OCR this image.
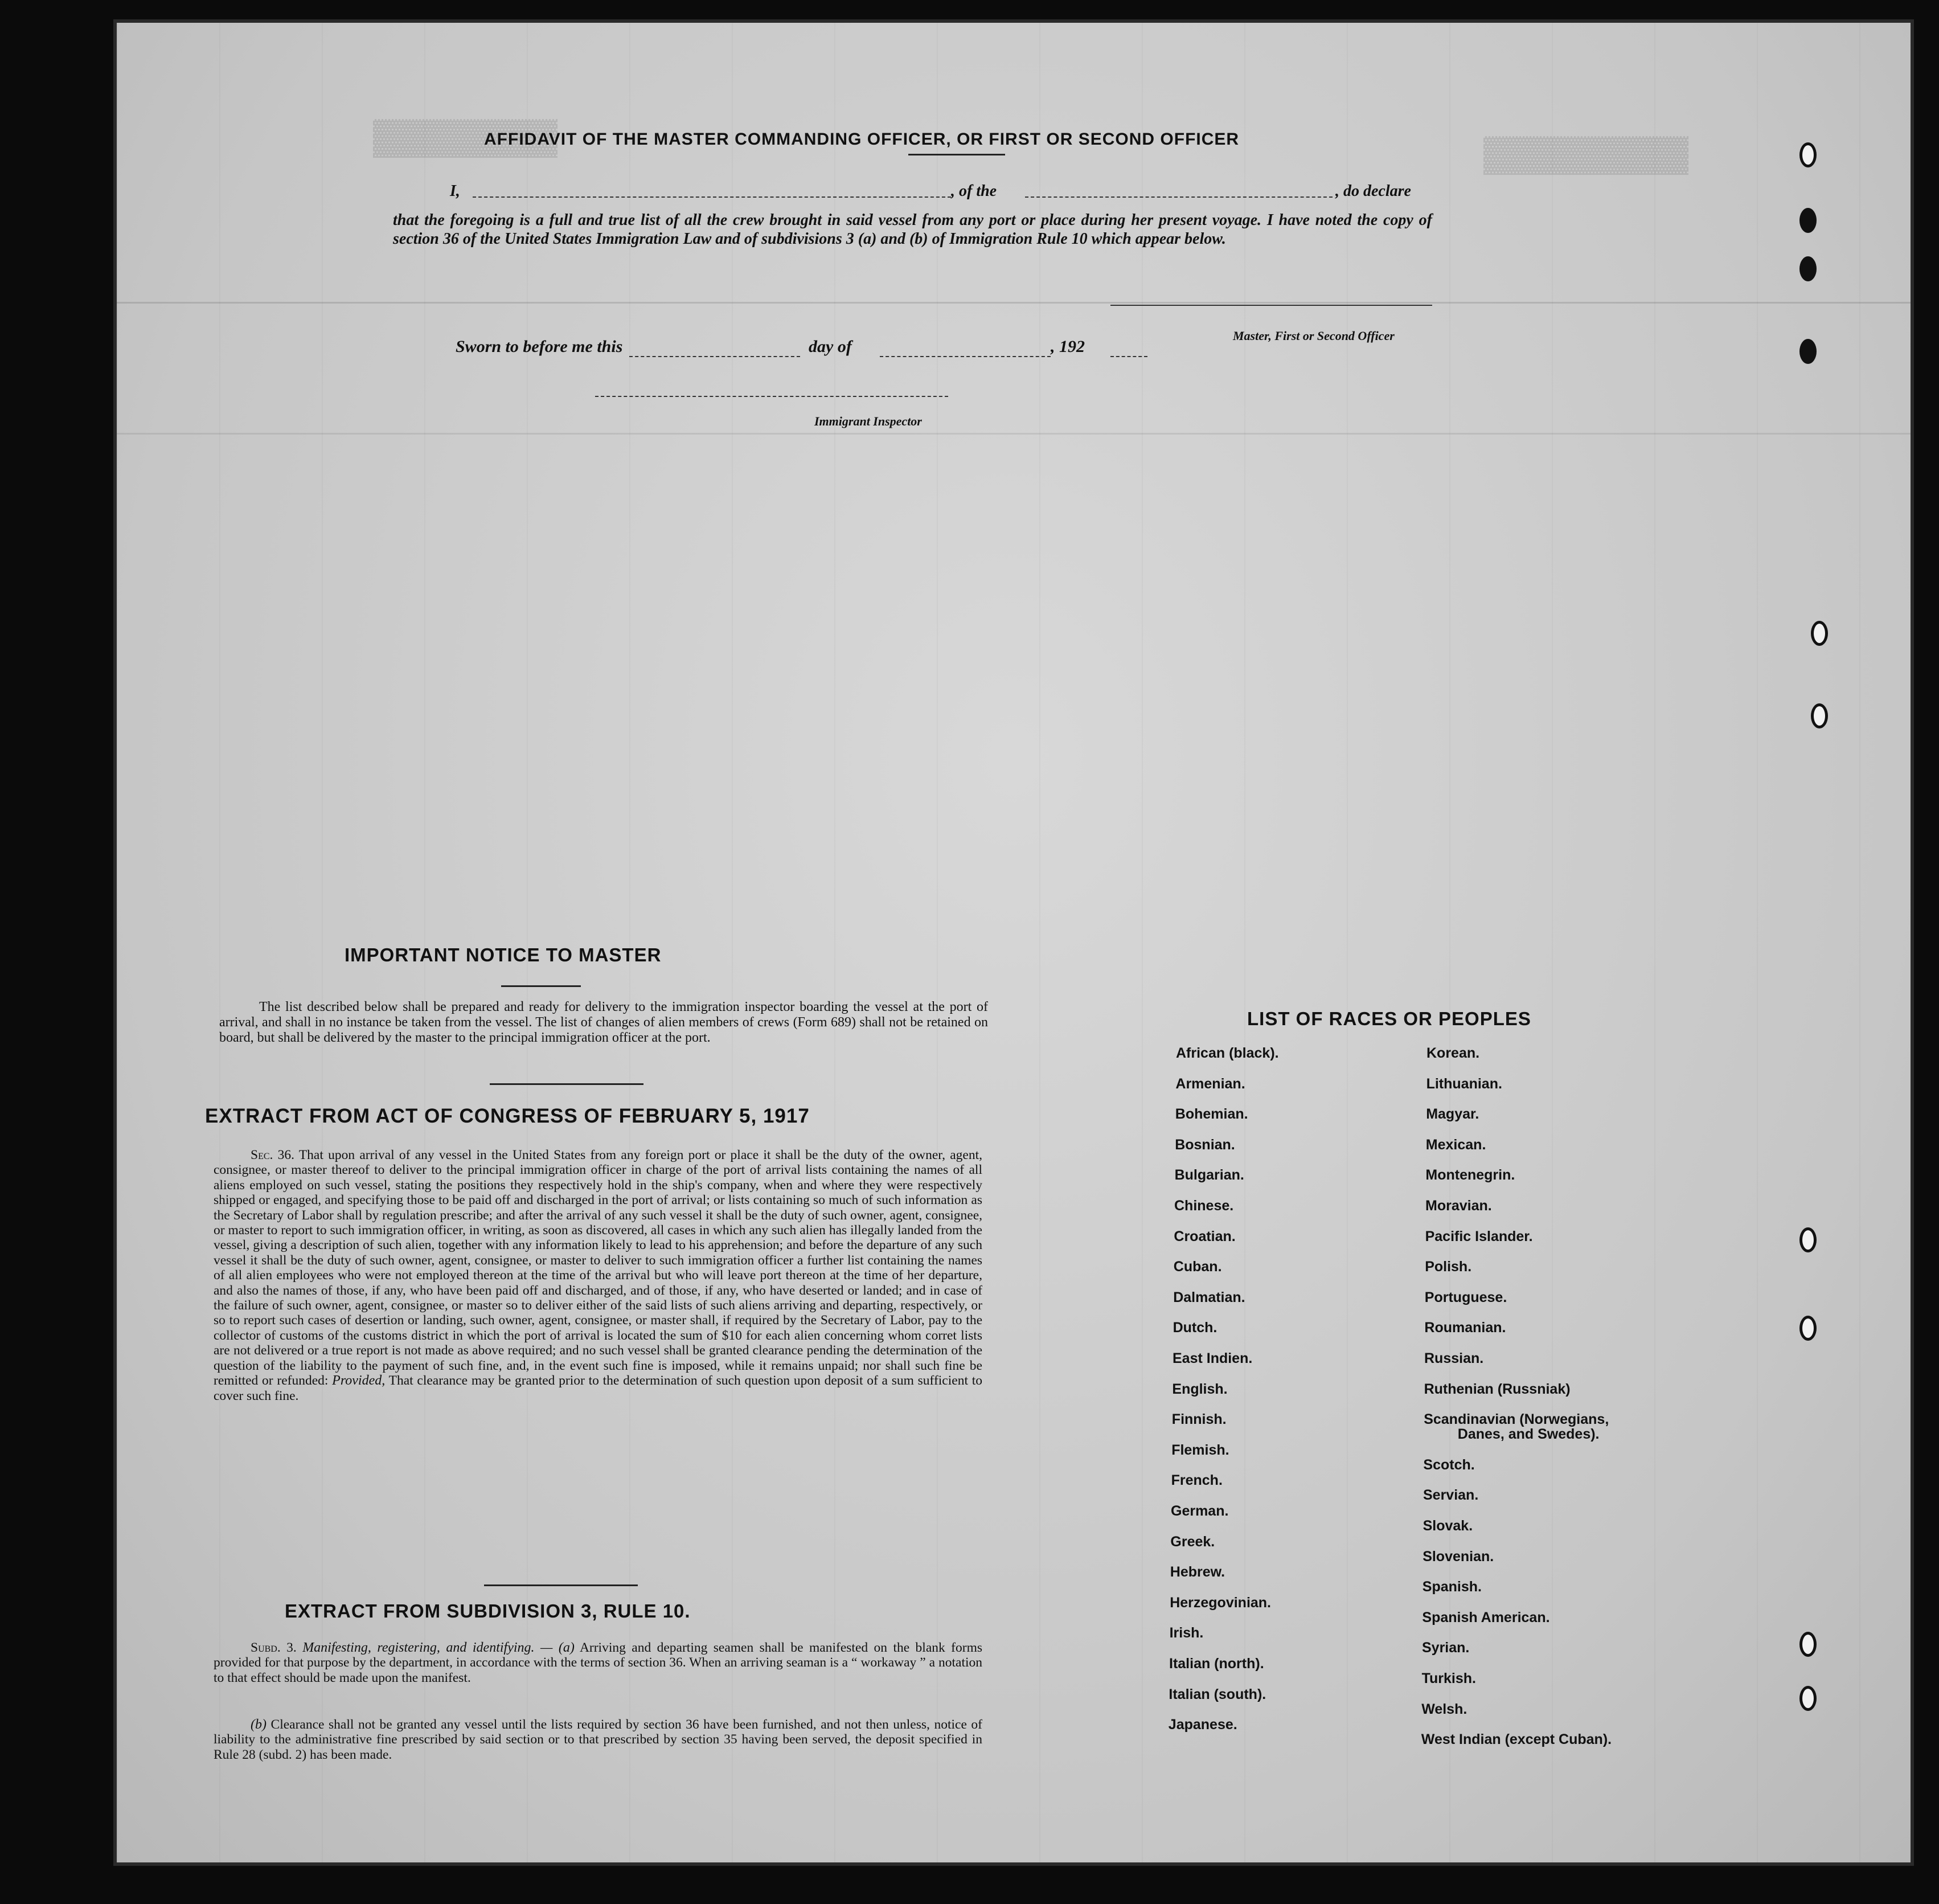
▓▓▓▓▓▓▓▓▓▓
▓▓▓▓▓▓▓▓▓
AFFIDAVIT OF THE MASTER COMMANDING OFFICER, OR FIRST OR SECOND OFFICER
I,	, of the	, do declare
that the foregoing is a full and true list of all the crew brought in said vessel from any port or place during her present voyage. I have noted the copy of section 36 of the United States Immigration Law and of subdivisions 3 (a) and (b) of Immigration Rule 10 which appear below.
Master, First or Second Officer
Sworn to before me this	day of	, 192
Immigrant Inspector
IMPORTANT NOTICE TO MASTER
The list described below shall be prepared and ready for delivery to the immigration inspector boarding the vessel at the port of arrival, and shall in no instance be taken from the vessel. The list of changes of alien members of crews (Form 689) shall not be retained on board, but shall be delivered by the master to the principal immigration officer at the port.
EXTRACT FROM ACT OF CONGRESS OF FEBRUARY 5, 1917
Sec. 36. That upon arrival of any vessel in the United States from any foreign port or place it shall be the duty of the owner, agent, consignee, or master thereof to deliver to the principal immigration officer in charge of the port of arrival lists containing the names of all aliens employed on such vessel, stating the positions they respectively hold in the ship's company, when and where they were respectively shipped or engaged, and specifying those to be paid off and discharged in the port of arrival; or lists containing so much of such information as the Secretary of Labor shall by regulation prescribe; and after the arrival of any such vessel it shall be the duty of such owner, agent, consignee, or master to report to such immigration officer, in writing, as soon as discovered, all cases in which any such alien has illegally landed from the vessel, giving a description of such alien, together with any information likely to lead to his apprehension; and before the departure of any such vessel it shall be the duty of such owner, agent, consignee, or master to deliver to such immigration officer a further list containing the names of all alien employees who were not employed thereon at the time of the arrival but who will leave port thereon at the time of her departure, and also the names of those, if any, who have been paid off and discharged, and of those, if any, who have deserted or landed; and in case of the failure of such owner, agent, consignee, or master so to deliver either of the said lists of such aliens arriving and departing, respectively, or so to report such cases of desertion or landing, such owner, agent, consignee, or master shall, if required by the Secretary of Labor, pay to the collector of customs of the customs district in which the port of arrival is located the sum of $10 for each alien concerning whom corret lists are not delivered or a true report is not made as above required; and no such vessel shall be granted clearance pending the determination of the question of the liability to the payment of such fine, and, in the event such fine is imposed, while it remains unpaid; nor shall such fine be remitted or refunded: Provided, That clearance may be granted prior to the determination of such question upon deposit of a sum sufficient to cover such fine.
EXTRACT FROM SUBDIVISION 3, RULE 10.
Subd. 3. Manifesting, registering, and identifying. — (a) Arriving and departing seamen shall be manifested on the blank forms provided for that purpose by the department, in accordance with the terms of section 36. When an arriving seaman is a “ workaway ” a notation to that effect should be made upon the manifest.
(b) Clearance shall not be granted any vessel until the lists required by section 36 have been furnished, and not then unless, notice of liability to the administrative fine prescribed by said section or to that prescribed by section 35 having been served, the deposit specified in Rule 28 (subd. 2) has been made.
LIST OF RACES OR PEOPLES
African (black).
Armenian.
Bohemian.
Bosnian.
Bulgarian.
Chinese.
Croatian.
Cuban.
Dalmatian.
Dutch.
East Indien.
English.
Finnish.
Flemish.
French.
German.
Greek.
Hebrew.
Herzegovinian.
Irish.
Italian (north).
Italian (south).
Japanese.
Korean.
Lithuanian.
Magyar.
Mexican.
Montenegrin.
Moravian.
Pacific Islander.
Polish.
Portuguese.
Roumanian.
Russian.
Ruthenian (Russniak)
Scandinavian (Norwegians,
Danes, and Swedes).
Scotch.
Servian.
Slovak.
Slovenian.
Spanish.
Spanish American.
Syrian.
Turkish.
Welsh.
West Indian (except Cuban).
